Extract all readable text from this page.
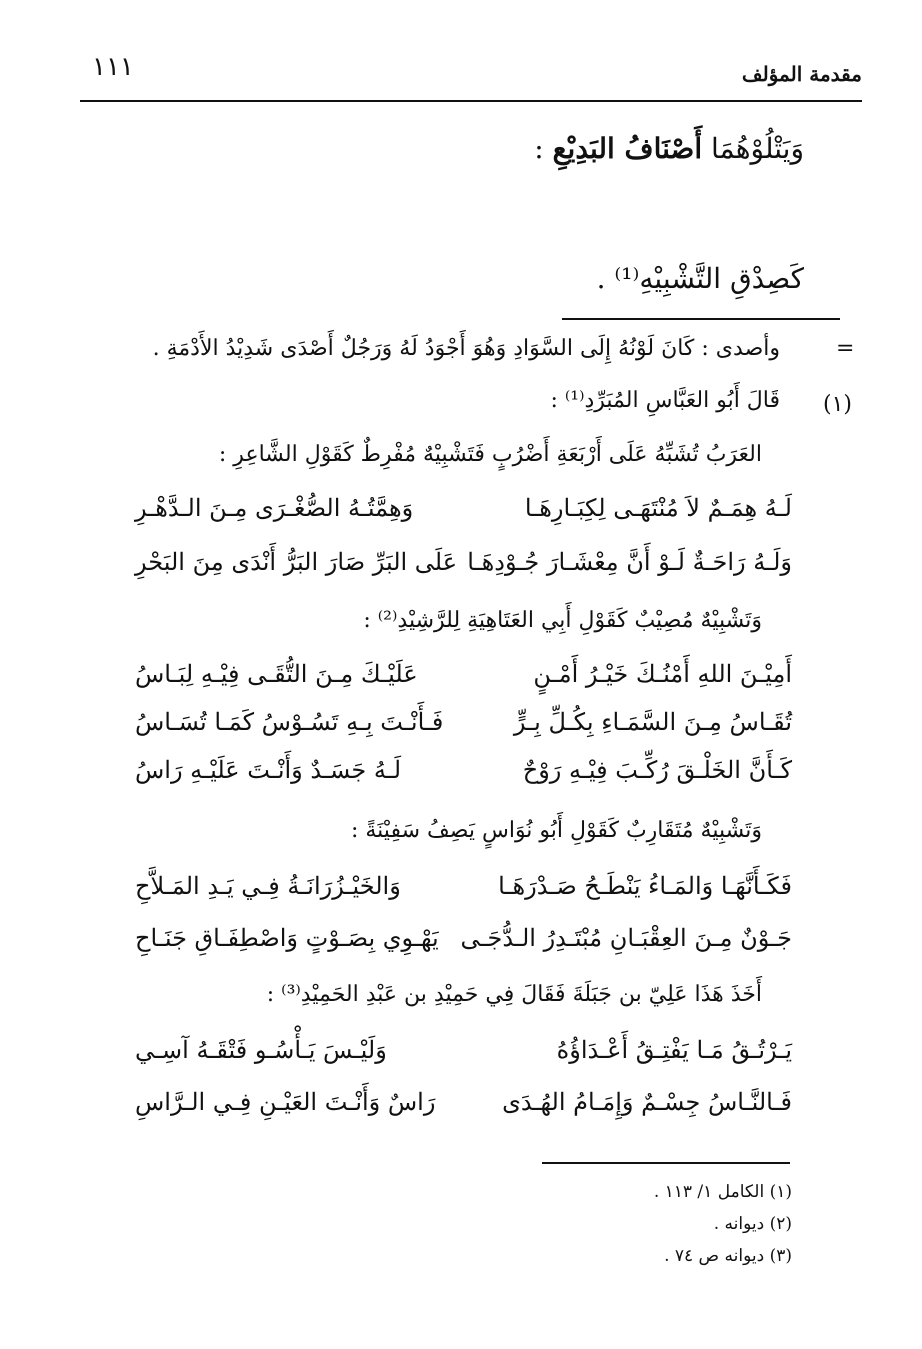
مقدمة المؤلف
١١١
وَيَتْلُوْهُمَا أَصْنَافُ البَدِيْعِ :
كَصِدْقِ التَّشْبِيْهِ⁽¹⁾ .
=
وأصدى : كَانَ لَوْنُهُ إِلَى السَّوَادِ وَهُوَ أَجْوَدُ لَهُ وَرَجُلٌ أَصْدَى شَدِيْدُ الأَدْمَةِ .
(١)
قَالَ أَبُو العَبَّاسِ المُبَرِّدِ⁽¹⁾ :
العَرَبُ تُشَبِّهُ عَلَى أَرْبَعَةِ أَضْرُبٍ فَتَشْبِيْهٌ مُفْرِطٌ كَقَوْلِ الشَّاعِرِ :
لَـهُ هِمَـمٌ لاَ مُنْتَهَـى لِكِبَـارِهَـا
وَهِمَّتُـهُ الصُّغْـرَى مِـنَ الـدَّهْـرِ
وَلَـهُ رَاحَـةٌ لَـوْ أَنَّ مِعْشَـارَ جُـوْدِهَـا
عَلَى البَرِّ صَارَ البَرُّ أَنْدَى مِنَ البَحْرِ
وَتَشْبِيْهٌ مُصِيْبٌ كَقَوْلِ أَبِي العَتَاهِيَةِ لِلرَّشِيْدِ⁽²⁾ :
أَمِيْـنَ اللهِ أَمْنُـكَ خَيْـرُ أَمْـنٍ
عَلَيْـكَ مِـنَ التُّقَـى فِيْـهِ لِبَـاسُ
تُقَـاسُ مِـنَ السَّمَـاءِ بِكُـلِّ بِـرٍّ
فَـأَنْـتَ بِـهِ تَسُـوْسُ كَمَـا تُسَـاسُ
كَـأَنَّ الخَلْـقَ رُكِّـبَ فِيْـهِ رَوْحٌ
لَـهُ جَسَـدٌ وَأَنْـتَ عَلَيْـهِ رَاسُ
وَتَشْبِيْهٌ مُتَقَارِبٌ كَقَوْلِ أَبُو نُوَاسٍ يَصِفُ سَفِيْنَةً :
فَكَـأَنَّهَـا وَالمَـاءُ يَنْطَـحُ صَـدْرَهَـا
وَالخَيْـزُرَانَـةُ فِـي يَـدِ المَـلاَّحِ
جَـوْنٌ مِـنَ العِقْبَـانِ مُبْتَـدِرُ الـدُّجَـى
يَهْـوِي بِصَـوْتٍ وَاصْطِفَـاقِ جَنَـاحِ
أَخَذَ هَذَا عَلِيّ بن جَبَلَةَ فَقَالَ فِي حَمِيْدِ بن عَبْدِ الحَمِيْدِ⁽³⁾ :
يَـرْتُـقُ مَـا يَفْتِـقُ أَعْـدَاؤُهُ
وَلَيْـسَ يَـأْسُـو فَتْقَـهُ آسِـي
فَـالنَّـاسُ جِسْـمٌ وَإِمَـامُ الهُـدَى
رَاسٌ وَأَنْـتَ العَيْـنِ فِـي الـرَّاسِ
(١) الكامل ١/ ١١٣ .
(٢) ديوانه .
(٣) ديوانه ص ٧٤ .
